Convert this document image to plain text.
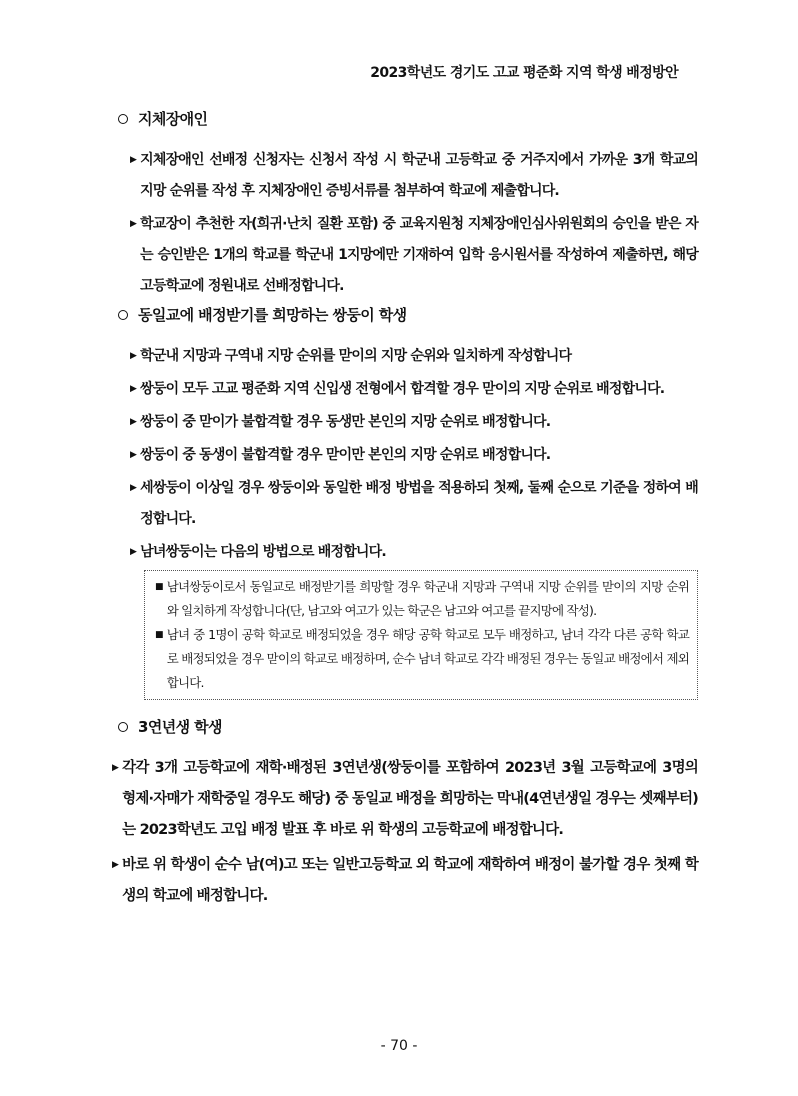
2023학년도 경기도 고교 평준화 지역 학생 배정방안
지체장애인
▶ 지체장애인 선배정 신청자는 신청서 작성 시 학군내 고등학교 중 거주지에서 가까운 3개 학교의 지망 순위를 작성 후 지체장애인 증빙서류를 첨부하여 학교에 제출합니다.
▶ 학교장이 추천한 자(희귀·난치 질환 포함) 중 교육지원청 지체장애인심사위원회의 승인을 받은 자는 승인받은 1개의 학교를 학군내 1지망에만 기재하여 입학 응시원서를 작성하여 제출하면, 해당 고등학교에 정원내로 선배정합니다.
동일교에 배정받기를 희망하는 쌍둥이 학생
▶ 학군내 지망과 구역내 지망 순위를 맏이의 지망 순위와 일치하게 작성합니다
▶ 쌍둥이 모두 고교 평준화 지역 신입생 전형에서 합격할 경우 맏이의 지망 순위로 배정합니다.
▶ 쌍둥이 중 맏이가 불합격할 경우 동생만 본인의 지망 순위로 배정합니다.
▶ 쌍둥이 중 동생이 불합격할 경우 맏이만 본인의 지망 순위로 배정합니다.
▶ 세쌍둥이 이상일 경우 쌍둥이와 동일한 배정 방법을 적용하되 첫째, 둘째 순으로 기준을 정하여 배정합니다.
▶ 남녀쌍둥이는 다음의 방법으로 배정합니다.
■ 남녀쌍둥이로서 동일교로 배정받기를 희망할 경우 학군내 지망과 구역내 지망 순위를 맏이의 지망 순위와 일치하게 작성합니다(단, 남고와 여고가 있는 학군은 남고와 여고를 끝지망에 작성).
■ 남녀 중 1명이 공학 학교로 배정되었을 경우 해당 공학 학교로 모두 배정하고, 남녀 각각 다른 공학 학교로 배정되었을 경우 맏이의 학교로 배정하며, 순수 남녀 학교로 각각 배정된 경우는 동일교 배정에서 제외합니다.
3연년생 학생
▶ 각각 3개 고등학교에 재학·배정된 3연년생(쌍둥이를 포함하여 2023년 3월 고등학교에 3명의 형제·자매가 재학중일 경우도 해당) 중 동일교 배정을 희망하는 막내(4연년생일 경우는 셋째부터)는 2023학년도 고입 배정 발표 후 바로 위 학생의 고등학교에 배정합니다.
▶ 바로 위 학생이 순수 남(여)고 또는 일반고등학교 외 학교에 재학하여 배정이 불가할 경우 첫째 학생의 학교에 배정합니다.
- 70 -
